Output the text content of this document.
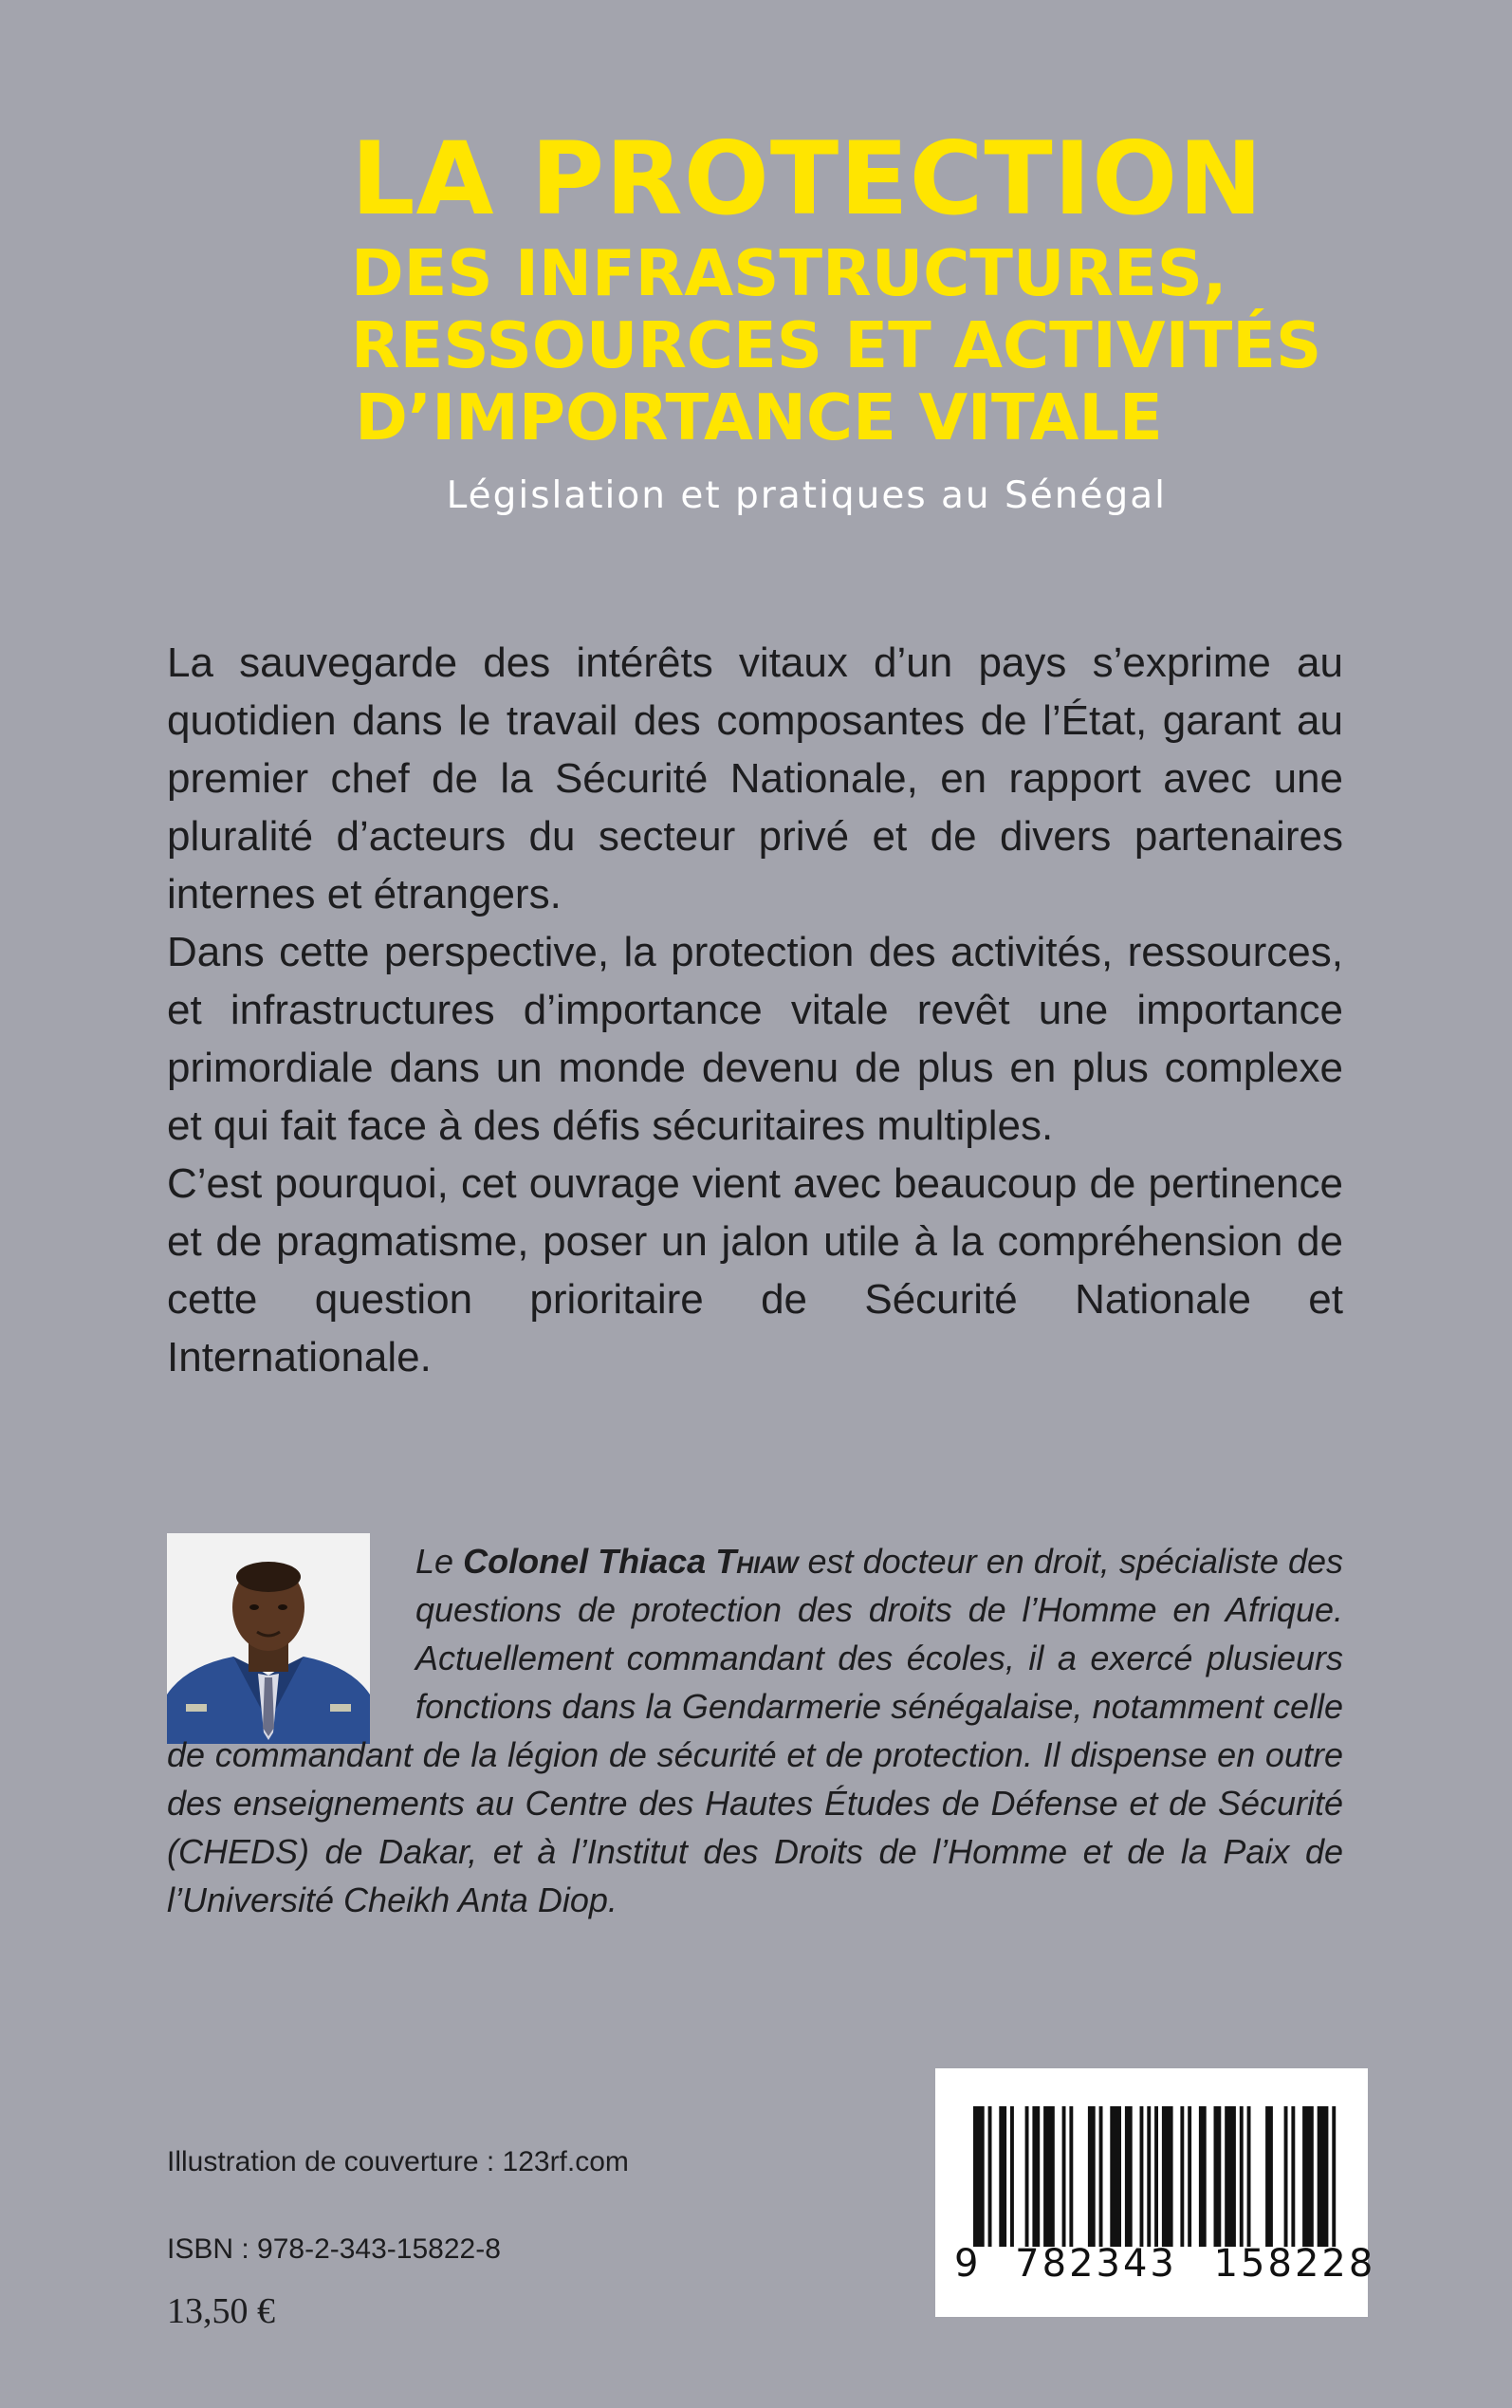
LA PROTECTION
DES INFRASTRUCTURES,
RESSOURCES ET ACTIVITÉS
D’IMPORTANCE VITALE
Législation et pratiques au Sénégal

La sauvegarde des intérêts vitaux d’un pays s’exprime au quotidien dans le travail des composantes de l’État, garant au premier chef de la Sécurité Nationale, en rapport avec une pluralité d’acteurs du secteur privé et de divers partenaires internes et étrangers.

Dans cette perspective, la protection des activités, ressources, et infrastructures d’importance vitale revêt une importance primordiale dans un monde devenu de plus en plus complexe et qui fait face à des défis sécuritaires multiples.

C’est pourquoi, cet ouvrage vient avec beaucoup de pertinence et de pragmatisme, poser un jalon utile à la compréhension de cette question prioritaire de Sécurité Nationale et Internationale.

Le Colonel Thiaca Thiaw est docteur en droit, spécialiste des questions de protection des droits de l’Homme en Afrique. Actuellement commandant des écoles, il a exercé plusieurs fonctions dans la Gendarmerie sénégalaise, notamment celle de commandant de la légion de sécurité et de protection. Il dispense en outre des enseignements au Centre des Hautes Études de Défense et de Sécurité (CHEDS) de Dakar, et à l’Institut des Droits de l’Homme et de la Paix de l’Université Cheikh Anta Diop.
Illustration de couverture : 123rf.com
ISBN : 978-2-343-15822-8
13,50 €
9 782343 158228
